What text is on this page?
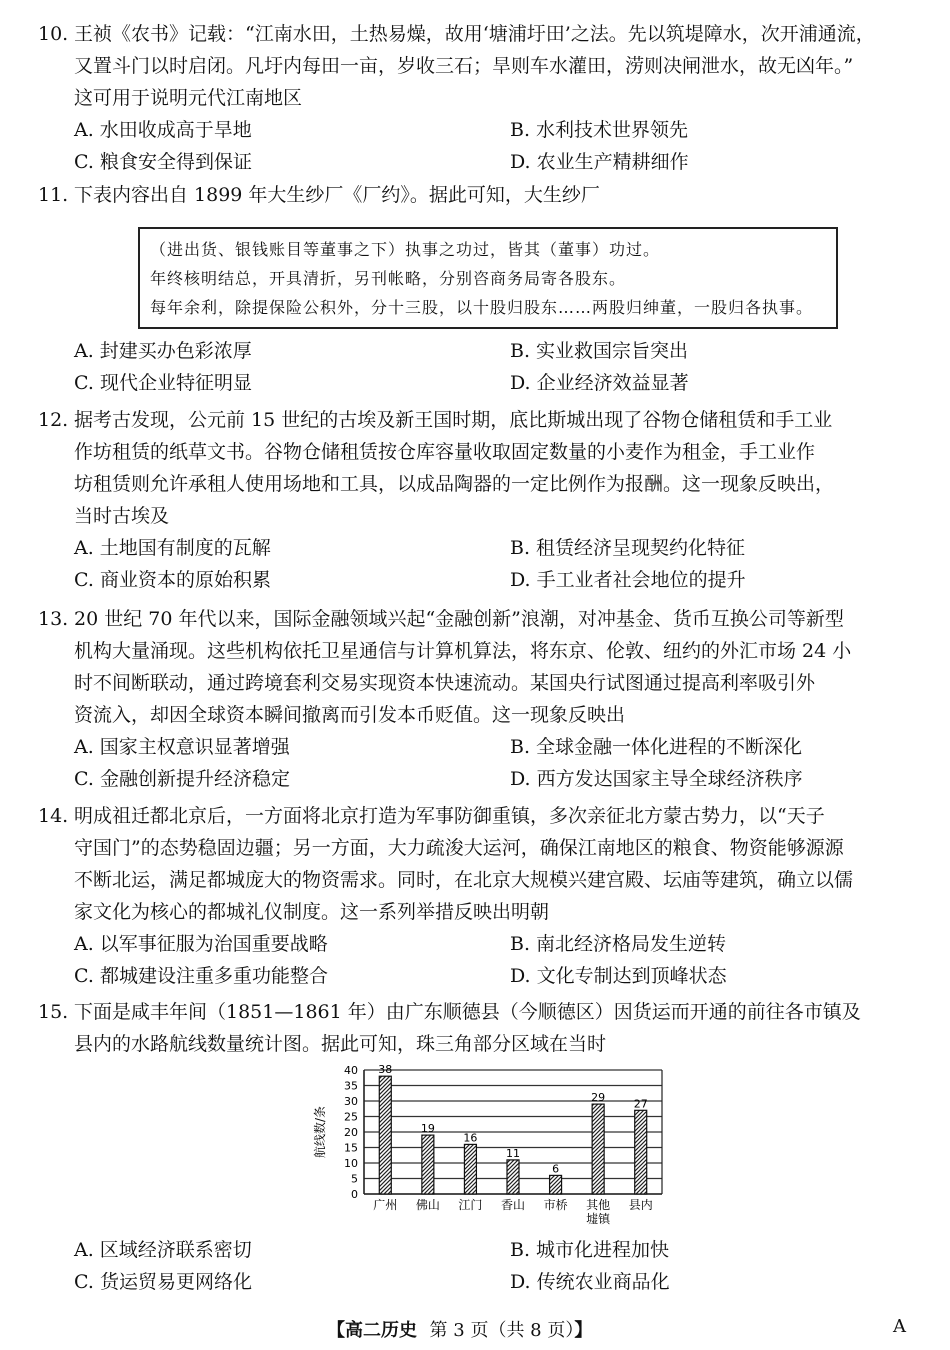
10. 王祯《农书》记载：“江南水田，土热易燥，故用‘塘浦圩田’之法。先以筑堤障水，次开浦通流，
又置斗门以时启闭。凡圩内每田一亩，岁收三石；旱则车水灌田，涝则决闸泄水，故无凶年。”
这可用于说明元代江南地区
A. 水田收成高于旱地	B. 水利技术世界领先
C. 粮食安全得到保证	D. 农业生产精耕细作
11. 下表内容出自 1899 年大生纱厂《厂约》。据此可知，大生纱厂
（进出货、银钱账目等董事之下）执事之功过，皆其（董事）功过。
年终核明结总，开具清折，另刊帐略，分别咨商务局寄各股东。
每年余利，除提保险公积外，分十三股，以十股归股东……两股归绅董，一股归各执事。
A. 封建买办色彩浓厚	B. 实业救国宗旨突出
C. 现代企业特征明显	D. 企业经济效益显著
12. 据考古发现，公元前 15 世纪的古埃及新王国时期，底比斯城出现了谷物仓储租赁和手工业
作坊租赁的纸草文书。谷物仓储租赁按仓库容量收取固定数量的小麦作为租金，手工业作
坊租赁则允许承租人使用场地和工具，以成品陶器的一定比例作为报酬。这一现象反映出，
当时古埃及
A. 土地国有制度的瓦解	B. 租赁经济呈现契约化特征
C. 商业资本的原始积累	D. 手工业者社会地位的提升
13. 20 世纪 70 年代以来，国际金融领域兴起“金融创新”浪潮，对冲基金、货币互换公司等新型
机构大量涌现。这些机构依托卫星通信与计算机算法，将东京、伦敦、纽约的外汇市场 24 小
时不间断联动，通过跨境套利交易实现资本快速流动。某国央行试图通过提高利率吸引外
资流入，却因全球资本瞬间撤离而引发本币贬值。这一现象反映出
A. 国家主权意识显著增强	B. 全球金融一体化进程的不断深化
C. 金融创新提升经济稳定	D. 西方发达国家主导全球经济秩序
14. 明成祖迁都北京后，一方面将北京打造为军事防御重镇，多次亲征北方蒙古势力，以“天子
守国门”的态势稳固边疆；另一方面，大力疏浚大运河，确保江南地区的粮食、物资能够源源
不断北运，满足都城庞大的物资需求。同时，在北京大规模兴建宫殿、坛庙等建筑，确立以儒
家文化为核心的都城礼仪制度。这一系列举措反映出明朝
A. 以军事征服为治国重要战略	B. 南北经济格局发生逆转
C. 都城建设注重多重功能整合	D. 文化专制达到顶峰状态
15. 下面是咸丰年间（1851—1861 年）由广东顺德县（今顺德区）因货运而开通的前往各市镇及
县内的水路航线数量统计图。据此可知，珠三角部分区域在当时
航线数/条
0
5
10
15
20
25
30
35
40 38
广州
19
佛山
16
江门
11
香山
6
市桥
29
其他
墟镇
27
县内
A. 区域经济联系密切	B. 城市化进程加快
C. 货运贸易更网络化	D. 传统农业商品化
【高二历史 第 3 页（共 8 页）】	A
